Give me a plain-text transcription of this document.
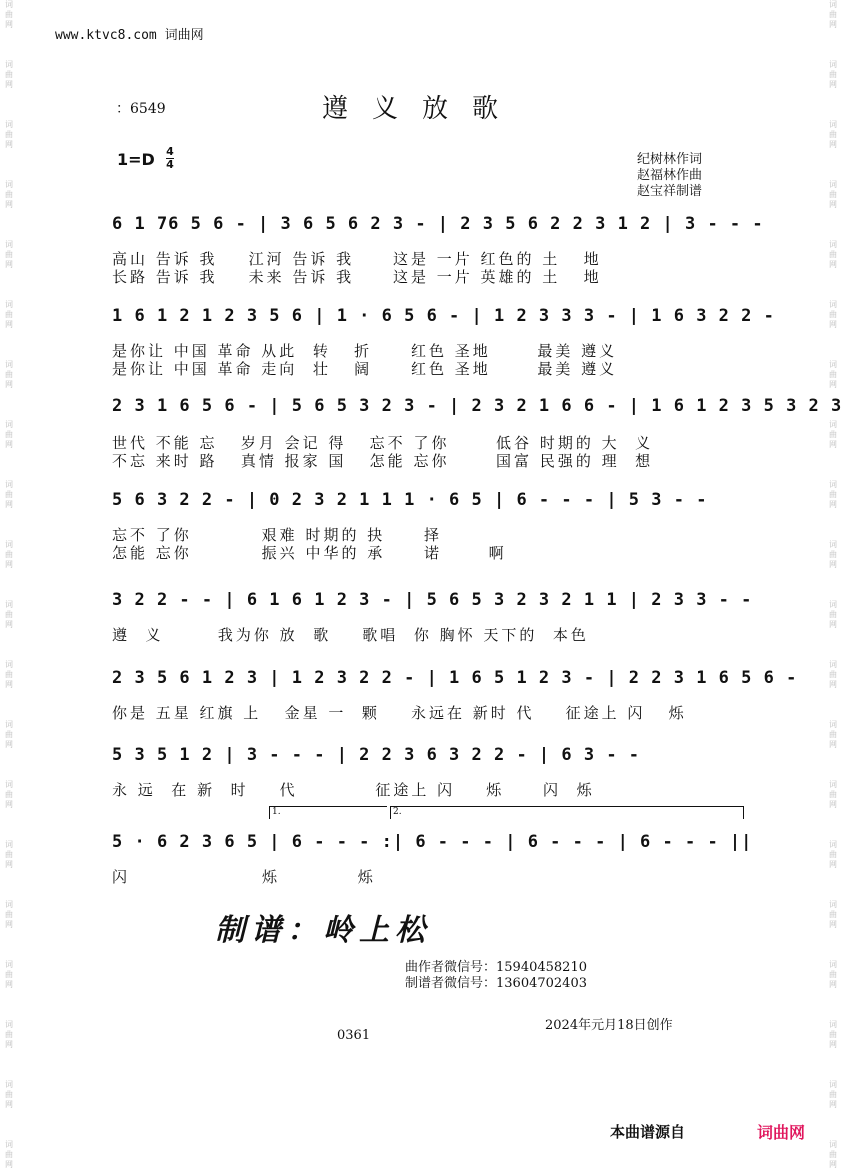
词曲网
词曲网
词曲网
词曲网
词曲网
词曲网
词曲网
词曲网
词曲网
词曲网
词曲网
词曲网
词曲网
词曲网
词曲网
词曲网
词曲网
词曲网
词曲网
词曲网
词曲网
词曲网
词曲网
词曲网
词曲网
词曲网
词曲网
词曲网
词曲网
词曲网
词曲网
词曲网
词曲网
词曲网
词曲网
词曲网
词曲网
词曲网
词曲网
词曲网
www.ktvc8.com 词曲网
：6549	遵义放歌
1=D 4
4	纪树林作词
赵福林作曲
赵宝祥制谱
6 1 76 5 6 - | 3 6 5 6 2 3 - | 2 3 5 6 2 2 3 1 2 | 3 - - -
高山 告诉 我    江河 告诉 我     这是 一片 红色的 土   地
长路 告诉 我    未来 告诉 我     这是 一片 英雄的 土   地
1 6 1 2 1 2 3 5 6 | 1 · 6 5 6 - | 1 2 3 3 3 - | 1 6 3 2 2 -
是你让 中国 革命 从此  转   折     红色 圣地      最美 遵义
是你让 中国 革命 走向  壮   阔     红色 圣地      最美 遵义
2 3 1 6 5 6 - | 5 6 5 3 2 3 - | 2 3 2 1 6 6 - | 1 6 1 2 3 5 3 2 3
世代 不能 忘   岁月 会记 得   忘不 了你      低谷 时期的 大  义
不忘 来时 路   真情 报家 国   怎能 忘你      国富 民强的 理  想
5 6 3 2 2 - | 0 2 3 2 1 1 1 · 6 5 | 6 - - - | 5 3 - -
忘不 了你         艰难 时期的 抉     择
怎能 忘你         振兴 中华的 承     诺      啊
3 2 2 - - | 6 1 6 1 2 3 - | 5 6 5 3 2 3 2 1 1 | 2 3 3 - -
遵  义       我为你 放  歌    歌唱  你 胸怀 天下的  本色
2 3 5 6 1 2 3 | 1 2 3 2 2 - | 1 6 5 1 2 3 - | 2 2 3 1 6 5 6 -
你是 五星 红旗 上   金星 一  颗    永远在 新时 代    征途上 闪   烁
5 3 5 1 2 | 3 - - - | 2 2 3 6 3 2 2 - | 6 3 - -
永 远  在 新  时    代          征途上 闪    烁     闪  烁
1.	2.
5 · 6 2 3 6 5 | 6 - - - :| 6 - - - | 6 - - - | 6 - - - ||
闪                 烁          烁
制谱：岭上松
曲作者微信号：15940458210
制谱者微信号：13604702403
2024年元月18日创作
0361
本曲谱源自	词曲网
